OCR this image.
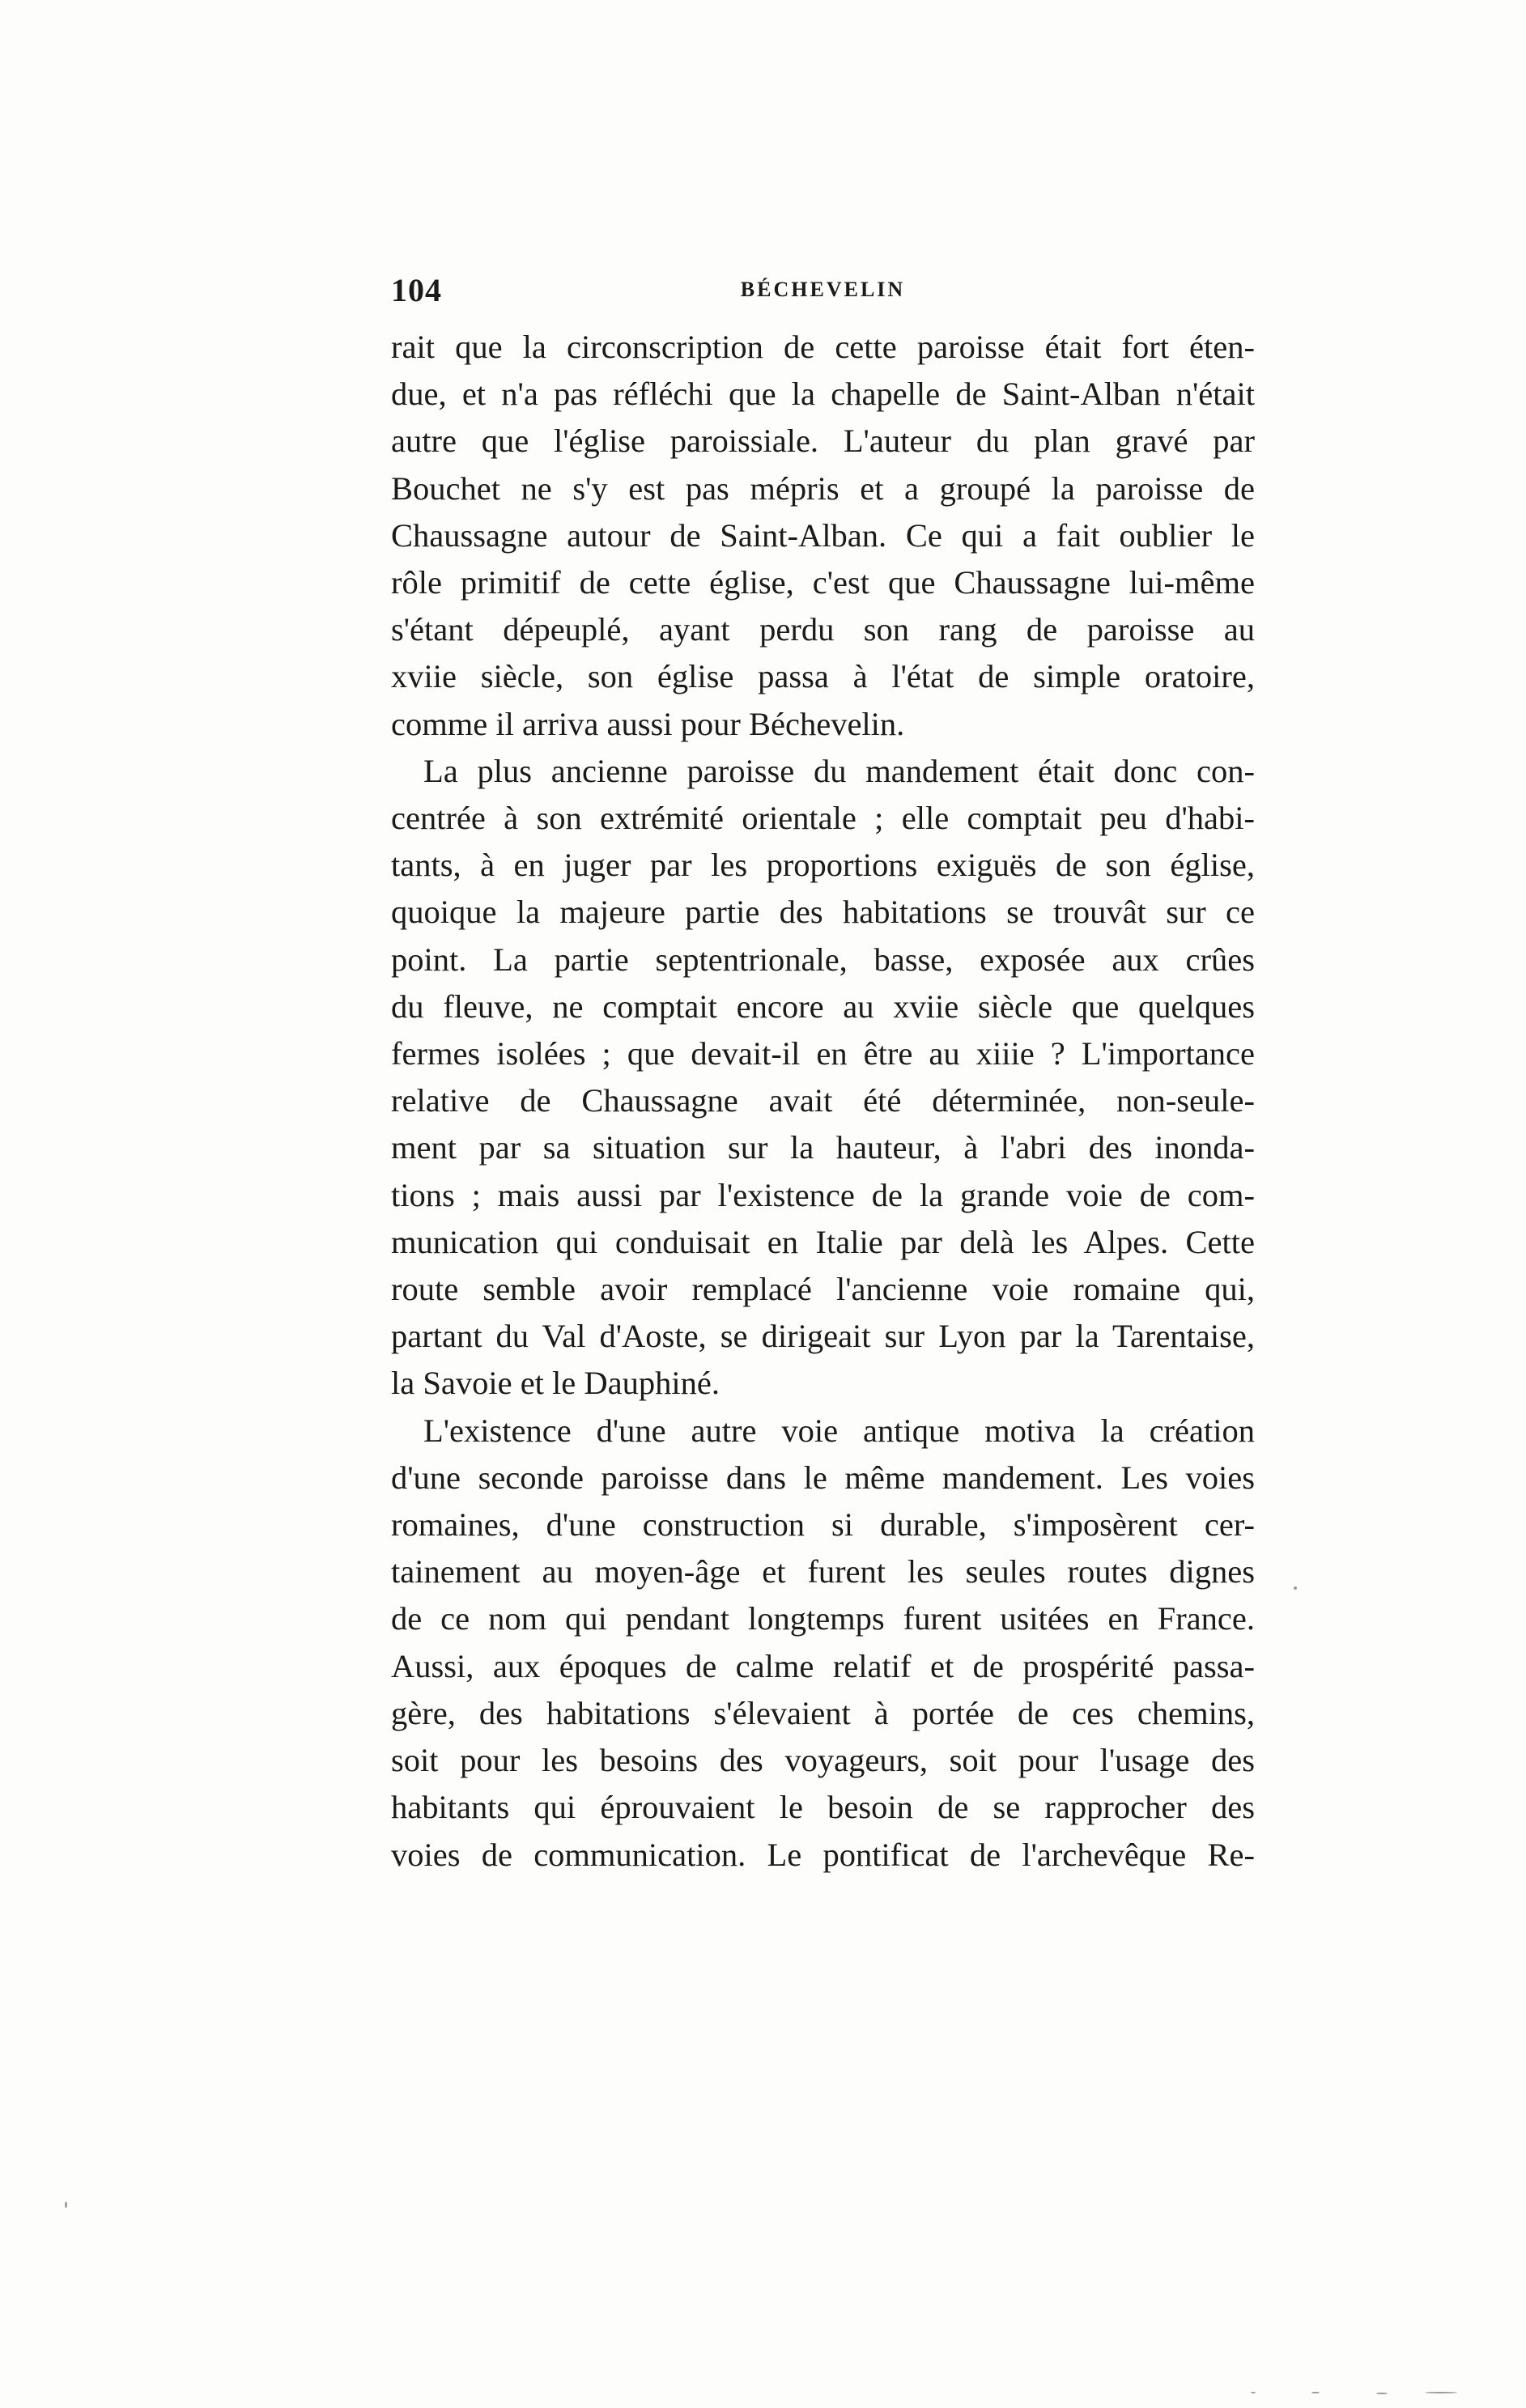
104	BÉCHEVELIN

rait que la circonscription de cette paroisse était fort éten-
due, et n'a pas réfléchi que la chapelle de Saint-Alban n'était
autre que l'église paroissiale. L'auteur du plan gravé par
Bouchet ne s'y est pas mépris et a groupé la paroisse de
Chaussagne autour de Saint-Alban. Ce qui a fait oublier le
rôle primitif de cette église, c'est que Chaussagne lui-même
s'étant dépeuplé, ayant perdu son rang de paroisse au
xviie siècle, son église passa à l'état de simple oratoire,
comme il arriva aussi pour Béchevelin.

La plus ancienne paroisse du mandement était donc con-
centrée à son extrémité orientale ; elle comptait peu d'habi-
tants, à en juger par les proportions exiguës de son église,
quoique la majeure partie des habitations se trouvât sur ce
point. La partie septentrionale, basse, exposée aux crûes
du fleuve, ne comptait encore au xviie siècle que quelques
fermes isolées ; que devait-il en être au xiiie ? L'importance
relative de Chaussagne avait été déterminée, non-seule-
ment par sa situation sur la hauteur, à l'abri des inonda-
tions ; mais aussi par l'existence de la grande voie de com-
munication qui conduisait en Italie par delà les Alpes. Cette
route semble avoir remplacé l'ancienne voie romaine qui,
partant du Val d'Aoste, se dirigeait sur Lyon par la Tarentaise,
la Savoie et le Dauphiné.

L'existence d'une autre voie antique motiva la création
d'une seconde paroisse dans le même mandement. Les voies
romaines, d'une construction si durable, s'imposèrent cer-
tainement au moyen-âge et furent les seules routes dignes
de ce nom qui pendant longtemps furent usitées en France.
Aussi, aux époques de calme relatif et de prospérité passa-
gère, des habitations s'élevaient à portée de ces chemins,
soit pour les besoins des voyageurs, soit pour l'usage des
habitants qui éprouvaient le besoin de se rapprocher des
voies de communication. Le pontificat de l'archevêque Re-
